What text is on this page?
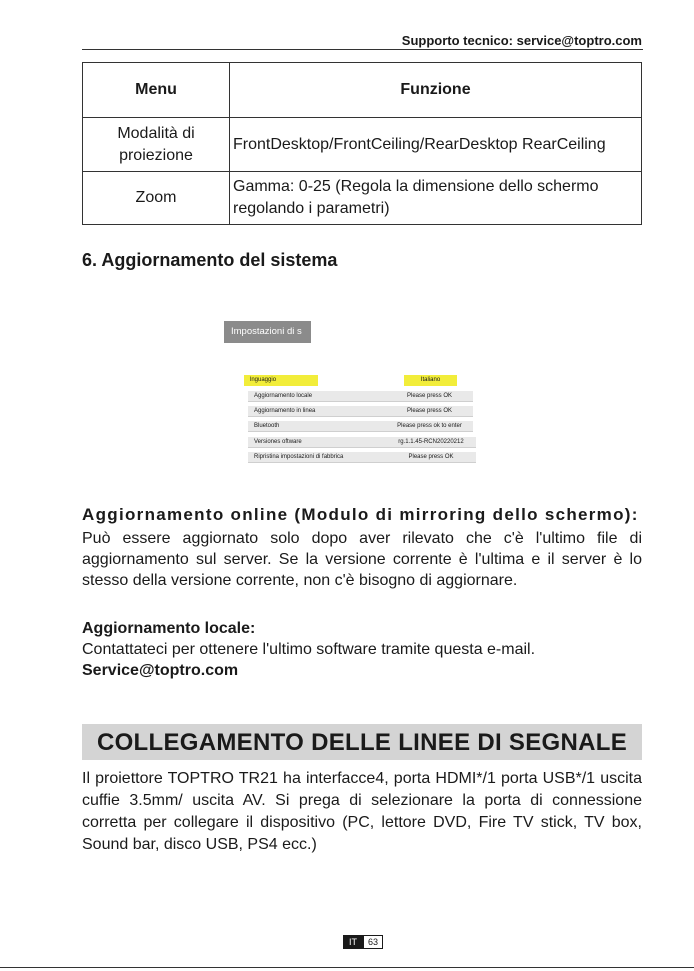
Supporto tecnico: service@toptro.com
Menu	Funzione
Modalità di proiezione	FrontDesktop/FrontCeiling/RearDesktop RearCeiling
Zoom	Gamma: 0-25 (Regola la dimensione dello schermo regolando i parametri)
6. Aggiornamento del sistema
Impostazioni di s
lnguaggio	Italiano
Aggiornamento locale	Please press OK
Aggiornamento in linea	Please press OK
Bluetooth	Please press ok to enter
Versiones oftware	rg.1.1.45-RCN20220212
Ripristina impostazioni di fabbrica	Please press OK
Aggiornamento online (Modulo di mirroring dello schermo):
Può essere aggiornato solo dopo aver rilevato che c'è l'ultimo file di aggiornamento sul server. Se la versione corrente è l'ultima e il server è lo stesso della versione corrente, non c'è bisogno di aggiornare.
Aggiornamento locale:
Contattateci per ottenere l'ultimo software tramite questa e-mail.
Service@toptro.com
COLLEGAMENTO DELLE LINEE DI SEGNALE
Il proiettore TOPTRO TR21 ha interfacce4, porta HDMI*/1 porta USB*/1 uscita cuffie 3.5mm/ uscita AV. Si prega di selezionare la porta di connessione corretta per collegare il dispositivo (PC, lettore DVD, Fire TV stick, TV box, Sound bar, disco USB, PS4 ecc.)
IT	63
